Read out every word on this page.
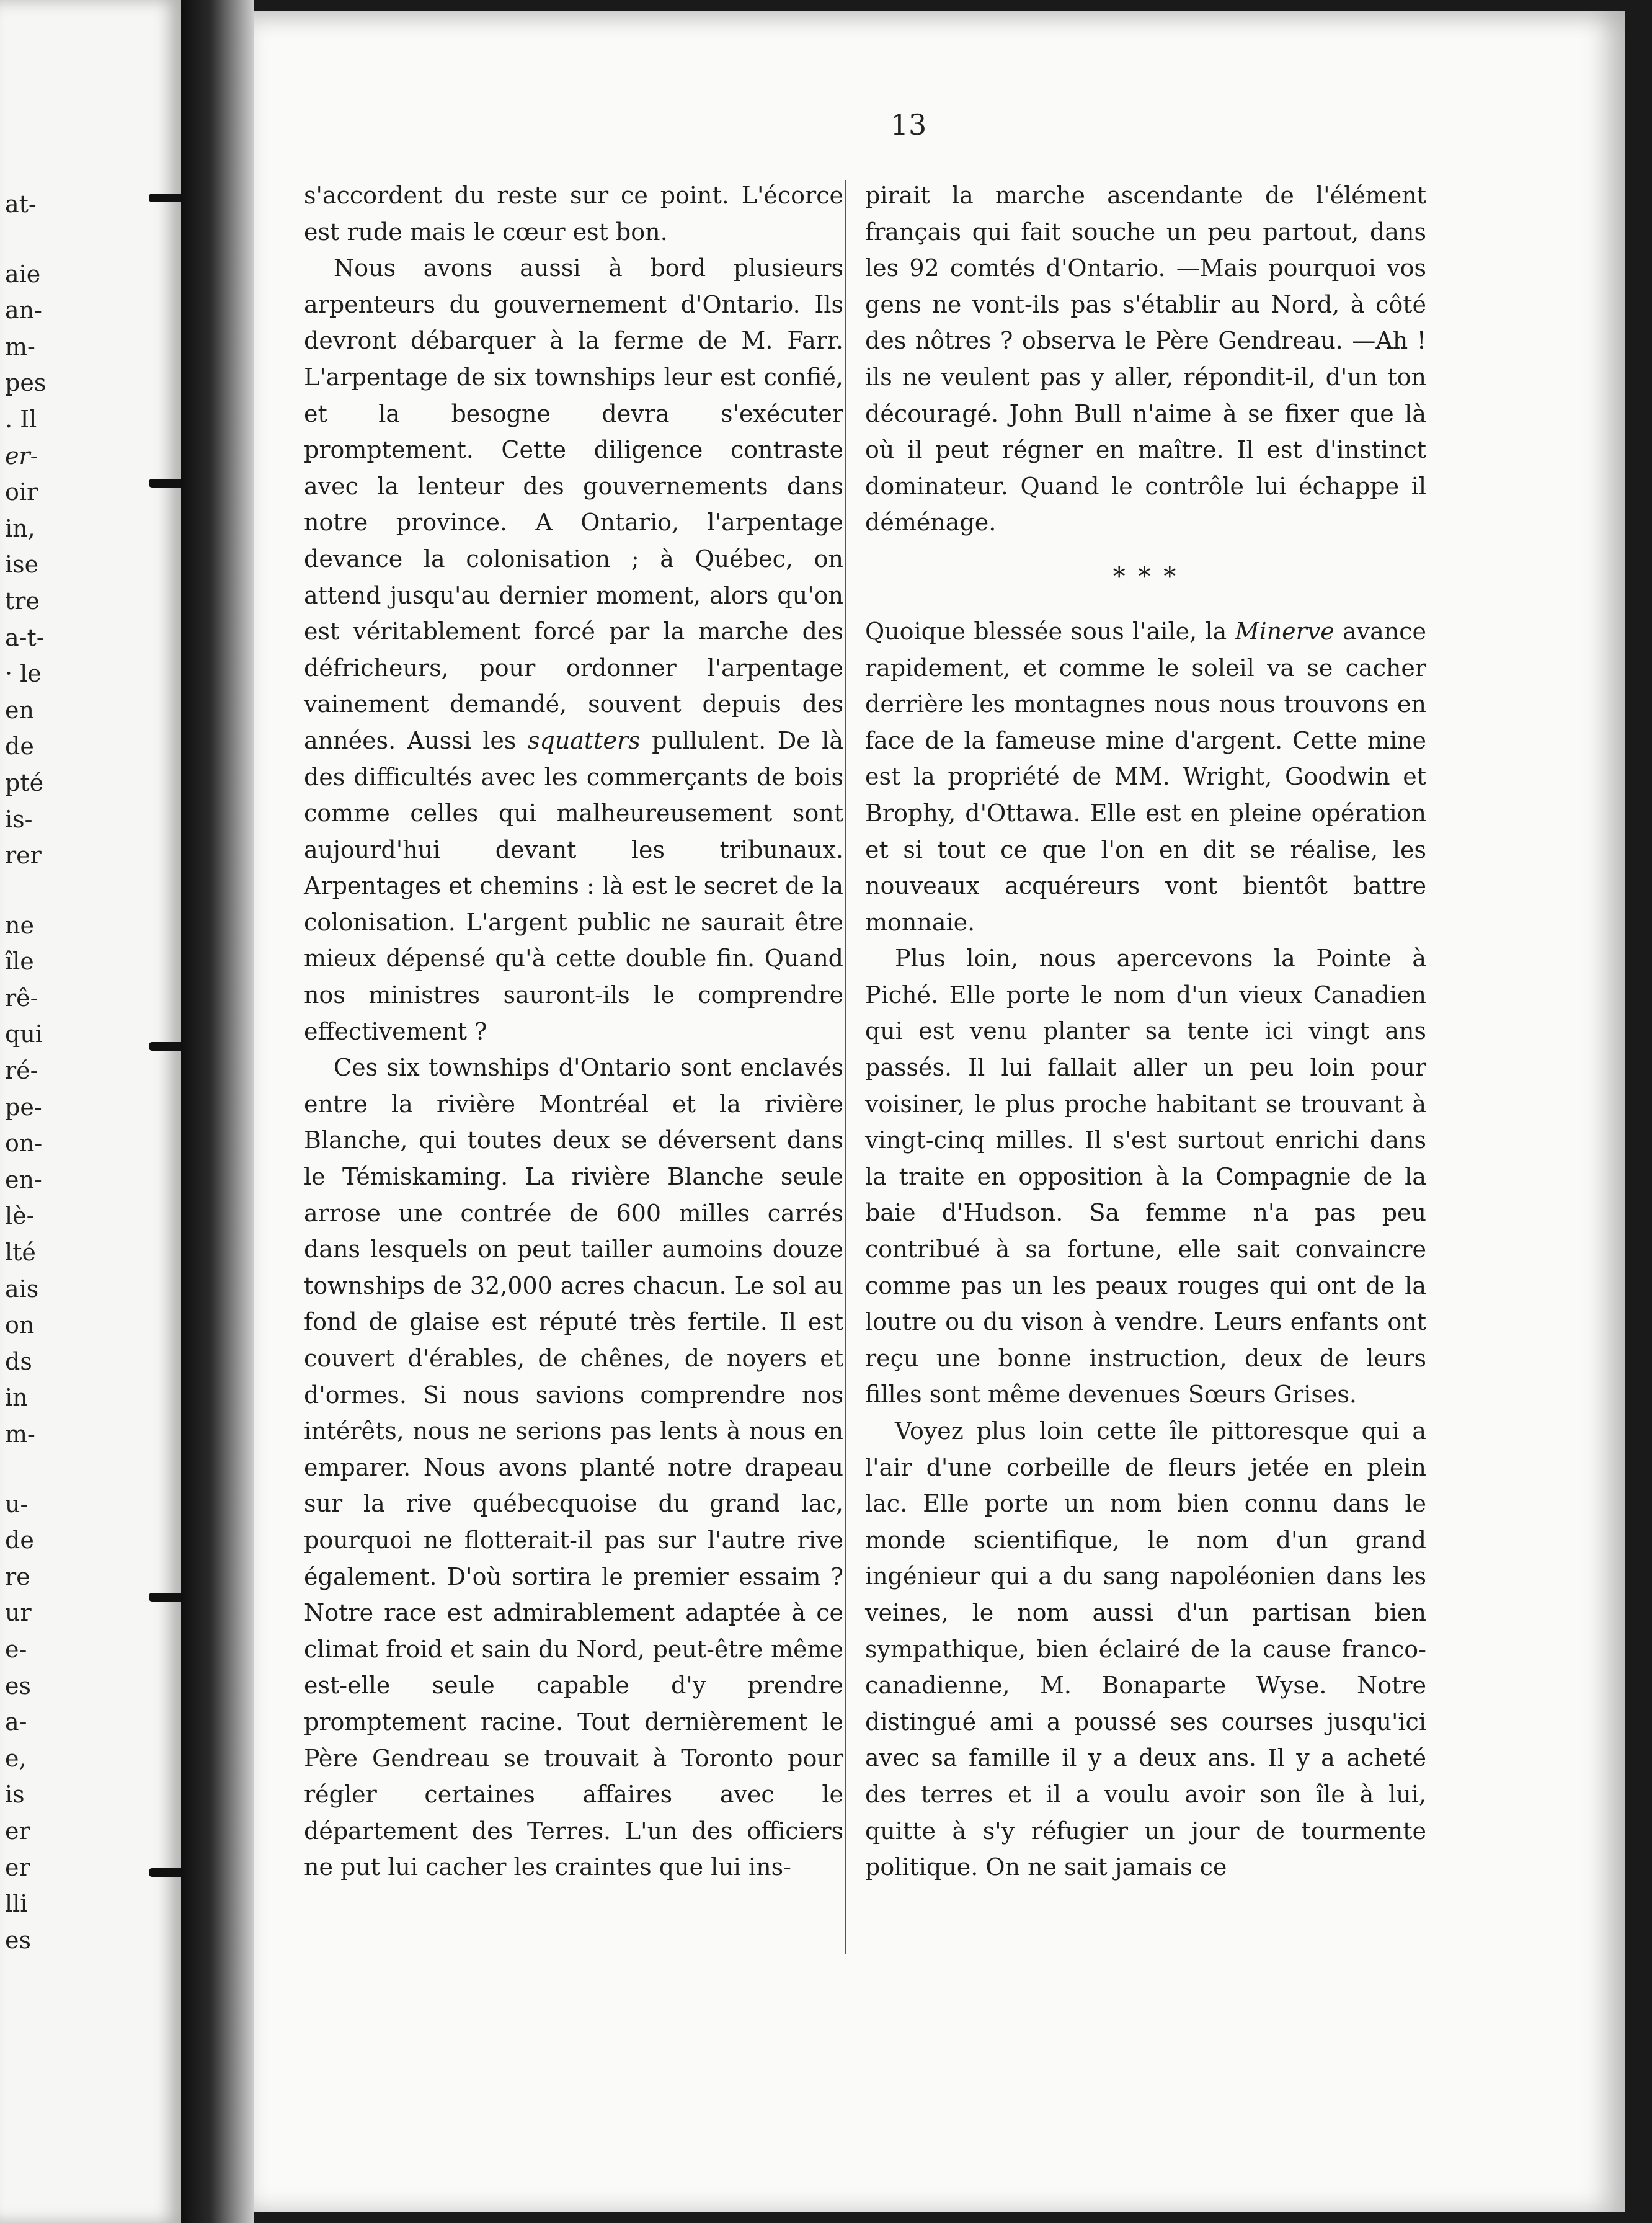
at-
aie
an-
m-
pes
. Il
er-
oir
in,
ise
tre
a-t-
· le
en
de
pté
is-
rer
ne
île
rê-
qui
ré-
pe-
on-
en-
lè-
lté
ais
on
ds
in
m-
u-
de
re
ur
e-
es
a-
e,
is
er
er
lli
es
13

s'accordent du reste sur ce point. L'écorce est rude mais le cœur est bon.

Nous avons aussi à bord plusieurs arpenteurs du gouvernement d'Ontario. Ils devront débarquer à la ferme de M. Farr. L'arpentage de six townships leur est confié, et la besogne devra s'exécuter promptement. Cette diligence contraste avec la lenteur des gouvernements dans notre province. A Ontario, l'arpentage devance la colonisation ; à Québec, on attend jusqu'au dernier moment, alors qu'on est véritablement forcé par la marche des défricheurs, pour ordonner l'arpentage vainement demandé, souvent depuis des années. Aussi les squatters pullulent. De là des difficultés avec les commerçants de bois comme celles qui malheureusement sont aujourd'hui devant les tribunaux. Arpentages et chemins : là est le secret de la colonisation. L'argent public ne saurait être mieux dépensé qu'à cette double fin. Quand nos ministres sauront-ils le comprendre effectivement ?

Ces six townships d'Ontario sont enclavés entre la rivière Montréal et la rivière Blanche, qui toutes deux se déversent dans le Témiskaming. La rivière Blanche seule arrose une contrée de 600 milles carrés dans lesquels on peut tailler aumoins douze townships de 32,000 acres chacun. Le sol au fond de glaise est réputé très fertile. Il est couvert d'érables, de chênes, de noyers et d'ormes. Si nous savions comprendre nos intérêts, nous ne serions pas lents à nous en emparer. Nous avons planté notre drapeau sur la rive québecquoise du grand lac, pourquoi ne flotterait-il pas sur l'autre rive également. D'où sortira le premier essaim ? Notre race est admirablement adaptée à ce climat froid et sain du Nord, peut-être même est-elle seule capable d'y prendre promptement racine. Tout dernièrement le Père Gendreau se trouvait à Toronto pour régler certaines affaires avec le département des Terres. L'un des officiers ne put lui cacher les craintes que lui ins-

pirait la marche ascendante de l'élément français qui fait souche un peu partout, dans les 92 comtés d'Ontario. —Mais pourquoi vos gens ne vont-ils pas s'établir au Nord, à côté des nôtres ? observa le Père Gendreau. —Ah ! ils ne veulent pas y aller, répondit-il, d'un ton découragé. John Bull n'aime à se fixer que là où il peut régner en maître. Il est d'instinct dominateur. Quand le contrôle lui échappe il déménage.

* * *

Quoique blessée sous l'aile, la Minerve avance rapidement, et comme le soleil va se cacher derrière les montagnes nous nous trouvons en face de la fameuse mine d'argent. Cette mine est la propriété de MM. Wright, Goodwin et Brophy, d'Ottawa. Elle est en pleine opération et si tout ce que l'on en dit se réalise, les nouveaux acquéreurs vont bientôt battre monnaie.

Plus loin, nous apercevons la Pointe à Piché. Elle porte le nom d'un vieux Canadien qui est venu planter sa tente ici vingt ans passés. Il lui fallait aller un peu loin pour voisiner, le plus proche habitant se trouvant à vingt-cinq milles. Il s'est surtout enrichi dans la traite en opposition à la Compagnie de la baie d'Hudson. Sa femme n'a pas peu contribué à sa fortune, elle sait convaincre comme pas un les peaux rouges qui ont de la loutre ou du vison à vendre. Leurs enfants ont reçu une bonne instruction, deux de leurs filles sont même devenues Sœurs Grises.

Voyez plus loin cette île pittoresque qui a l'air d'une corbeille de fleurs jetée en plein lac. Elle porte un nom bien connu dans le monde scientifique, le nom d'un grand ingénieur qui a du sang napoléonien dans les veines, le nom aussi d'un partisan bien sympathique, bien éclairé de la cause franco-canadienne, M. Bonaparte Wyse. Notre distingué ami a poussé ses courses jusqu'ici avec sa famille il y a deux ans. Il y a acheté des terres et il a voulu avoir son île à lui, quitte à s'y réfugier un jour de tourmente politique. On ne sait jamais ce
